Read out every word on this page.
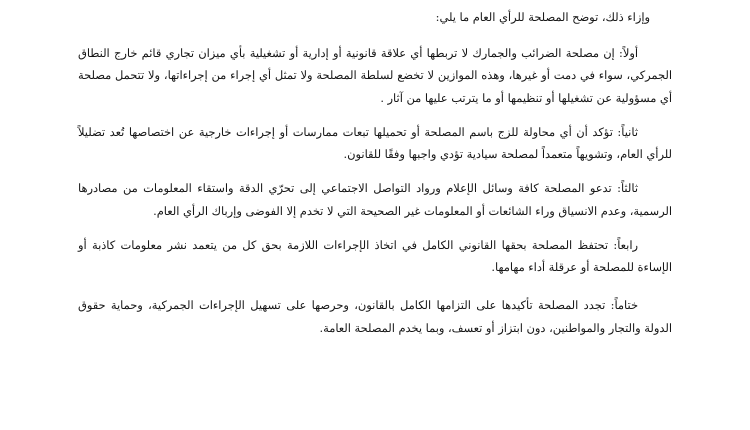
وإزاء ذلك، توضح المصلحة للرأي العام ما يلي:

أولاً: إن مصلحة الضرائب والجمارك لا تربطها أي علاقة قانونية أو إدارية أو تشغيلية بأي ميزان تجاري قائم خارج النطاق الجمركي، سواء في دمت أو غيرها، وهذه الموازين لا تخضع لسلطة المصلحة ولا تمثل أي إجراء من إجراءاتها، ولا تتحمل مصلحة أي مسؤولية عن تشغيلها أو تنظيمها أو ما يترتب عليها من آثار .

ثانياً: تؤكد أن أي محاولة للزج باسم المصلحة أو تحميلها تبعات ممارسات أو إجراءات خارجية عن اختصاصها تُعد تضليلاً للرأي العام، وتشويهاً متعمداً لمصلحة سيادية تؤدي واجبها وفقًا للقانون.

ثالثاً: تدعو المصلحة كافة وسائل الإعلام ورواد التواصل الاجتماعي إلى تحرّي الدقة واستقاء المعلومات من مصادرها الرسمية، وعدم الانسياق وراء الشائعات أو المعلومات غير الصحيحة التي لا تخدم إلا الفوضى وإرباك الرأي العام.

رابعاً: تحتفظ المصلحة بحقها القانوني الكامل في اتخاذ الإجراءات اللازمة بحق كل من يتعمد نشر معلومات كاذبة أو الإساءة للمصلحة أو عرقلة أداء مهامها.

ختاماً: تجدد المصلحة تأكيدها على التزامها الكامل بالقانون، وحرصها على تسهيل الإجراءات الجمركية، وحماية حقوق الدولة والتجار والمواطنين، دون ابتزاز أو تعسف، وبما يخدم المصلحة العامة.
